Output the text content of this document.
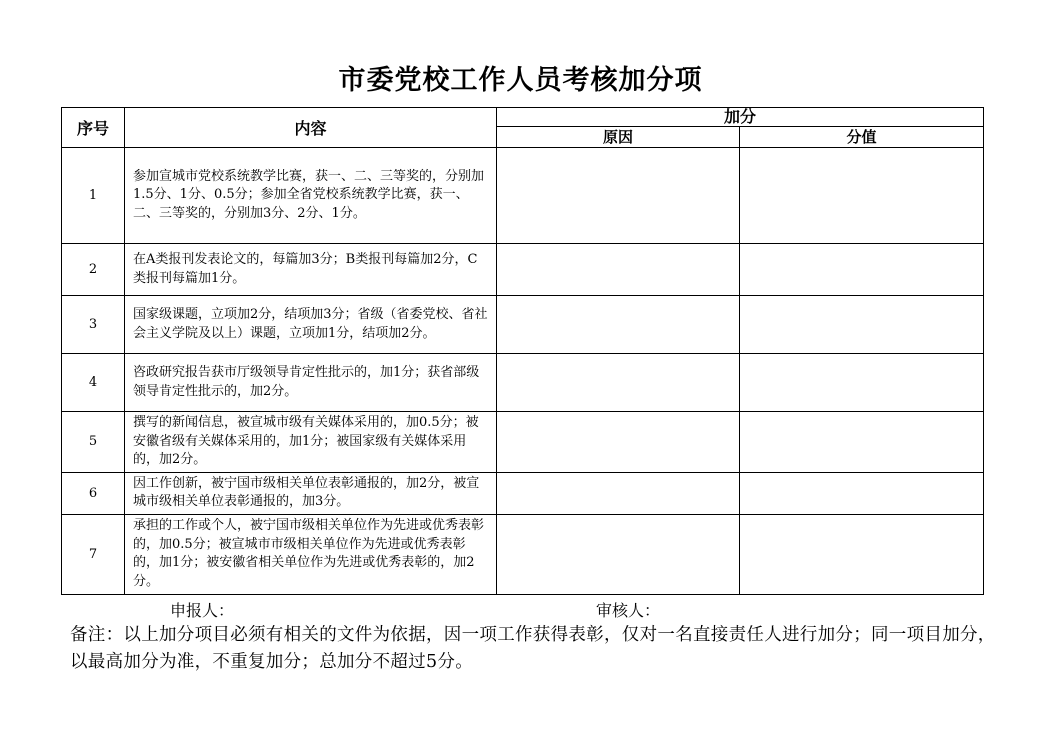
市委党校工作人员考核加分项
序号	内容	加分	
		原因	分值
1	参加宣城市党校系统教学比赛，获一、二、三等奖的，分别加1.5分、1分、0.5分；参加全省党校系统教学比赛，获一、二、三等奖的，分别加3分、2分、1分。		
2	在A类报刊发表论文的，每篇加3分；B类报刊每篇加2分，C类报刊每篇加1分。		
3	国家级课题，立项加2分，结项加3分；省级（省委党校、省社会主义学院及以上）课题，立项加1分，结项加2分。		
4	咨政研究报告获市厅级领导肯定性批示的，加1分；获省部级领导肯定性批示的，加2分。		
5	撰写的新闻信息，被宣城市级有关媒体采用的，加0.5分；被安徽省级有关媒体采用的，加1分；被国家级有关媒体采用的，加2分。		
6	因工作创新，被宁国市级相关单位表彰通报的，加2分，被宣城市级相关单位表彰通报的，加3分。		
7	承担的工作或个人，被宁国市级相关单位作为先进或优秀表彰的，加0.5分；被宣城市市级相关单位作为先进或优秀表彰的，加1分；被安徽省相关单位作为先进或优秀表彰的，加2分。		
申报人：	审核人：
备注：以上加分项目必须有相关的文件为依据，因一项工作获得表彰，仅对一名直接责任人进行加分；同一项目加分，以最高加分为准，不重复加分；总加分不超过5分。
